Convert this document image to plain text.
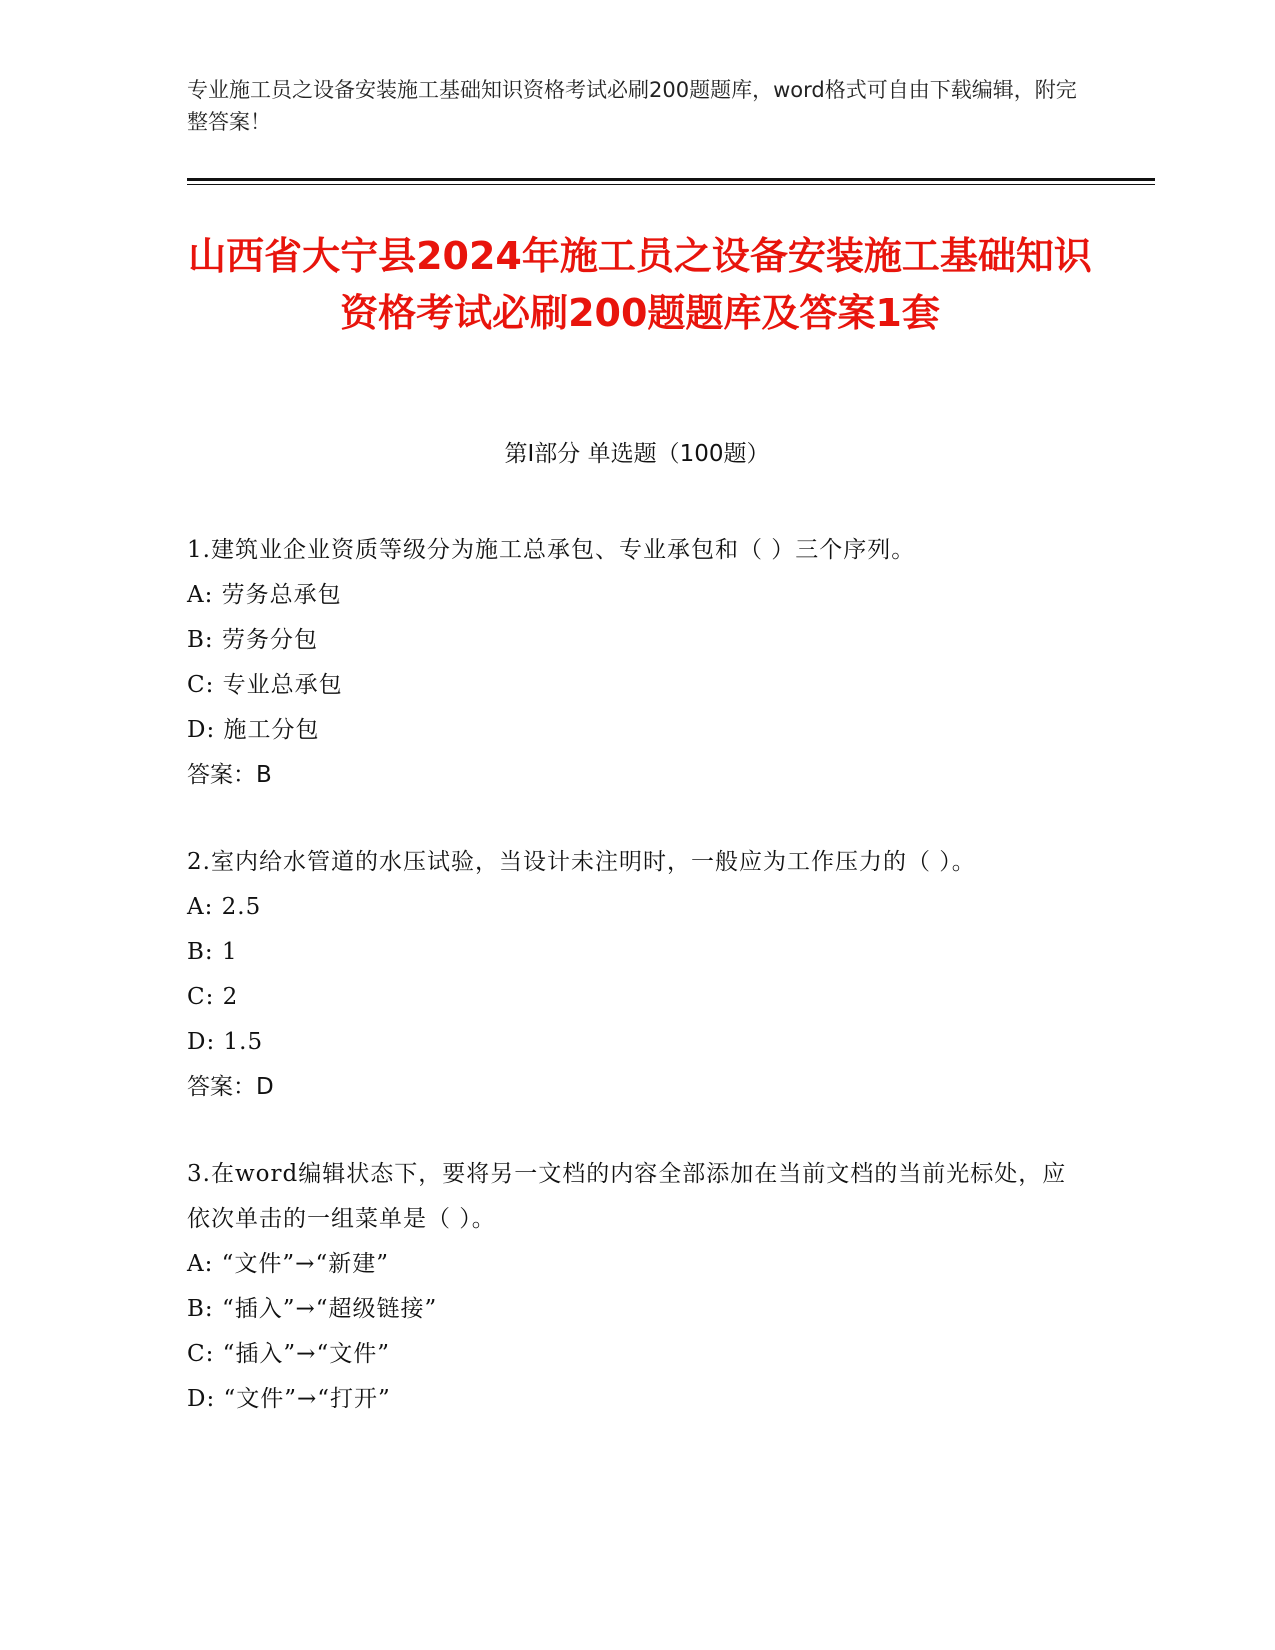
专业施工员之设备安装施工基础知识资格考试必刷200题题库，word格式可自由下载编辑，附完整答案！
山西省大宁县2024年施工员之设备安装施工基础知识资格考试必刷200题题库及答案1套
第I部分 单选题（100题）
1.建筑业企业资质等级分为施工总承包、专业承包和（ ）三个序列。
A: 劳务总承包
B: 劳务分包
C: 专业总承包
D: 施工分包
答案：B
2.室内给水管道的水压试验，当设计未注明时，一般应为工作压力的（ ）。
A: 2.5
B: 1
C: 2
D: 1.5
答案：D
3.在word编辑状态下，要将另一文档的内容全部添加在当前文档的当前光标处，应依次单击的一组菜单是（ ）。
A: “文件”→“新建”
B: “插入”→“超级链接”
C: “插入”→“文件”
D: “文件”→“打开”
